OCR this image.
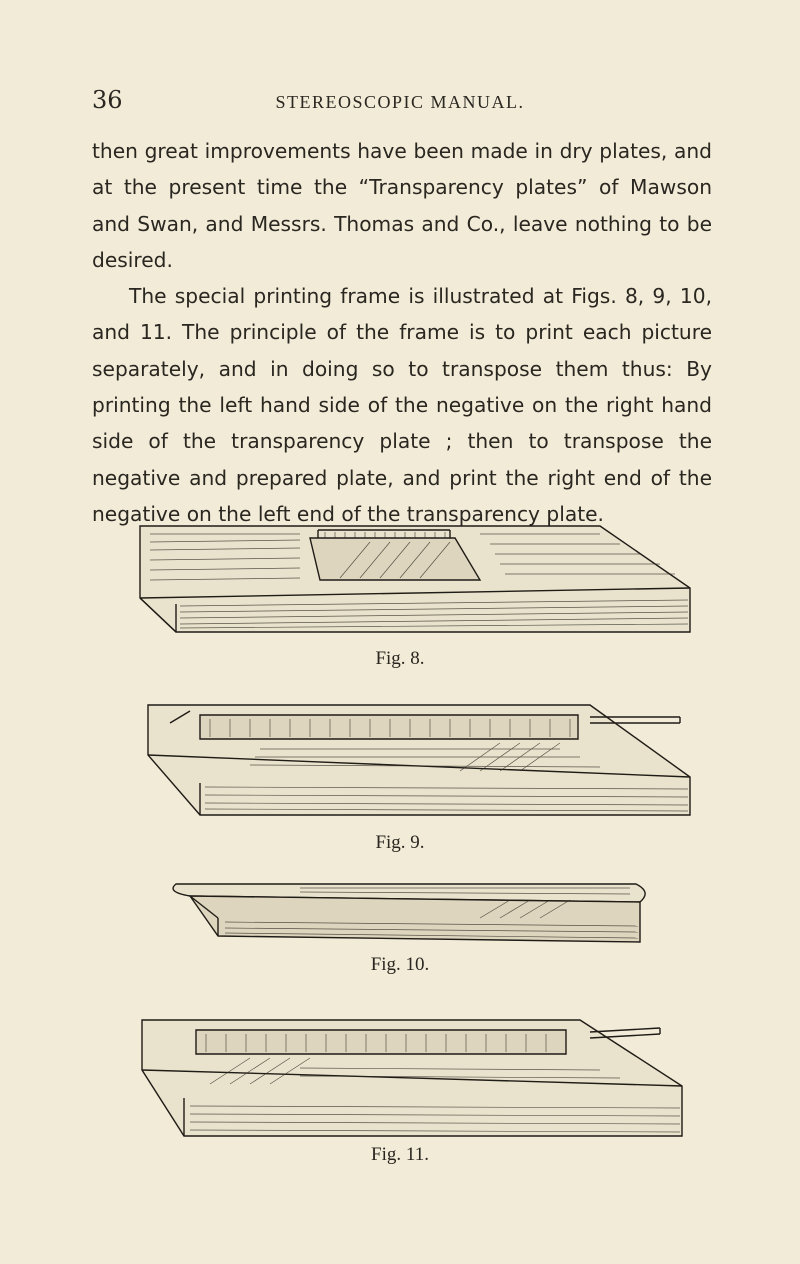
36	STEREOSCOPIC MANUAL.

then great improvements have been made in dry plates, and at the present time the “Transparency plates” of Mawson and Swan, and Messrs. Thomas and Co., leave nothing to be desired.

The special printing frame is illustrated at Figs. 8, 9, 10, and 11. The principle of the frame is to print each picture separately, and in doing so to transpose them thus: By printing the left hand side of the negative on the right hand side of the transparency plate ; then to transpose the negative and prepared plate, and print the right end of the negative on the left end of the transparency plate.

Fig. 8.
Fig. 9.
Fig. 10.
Fig. 11.
